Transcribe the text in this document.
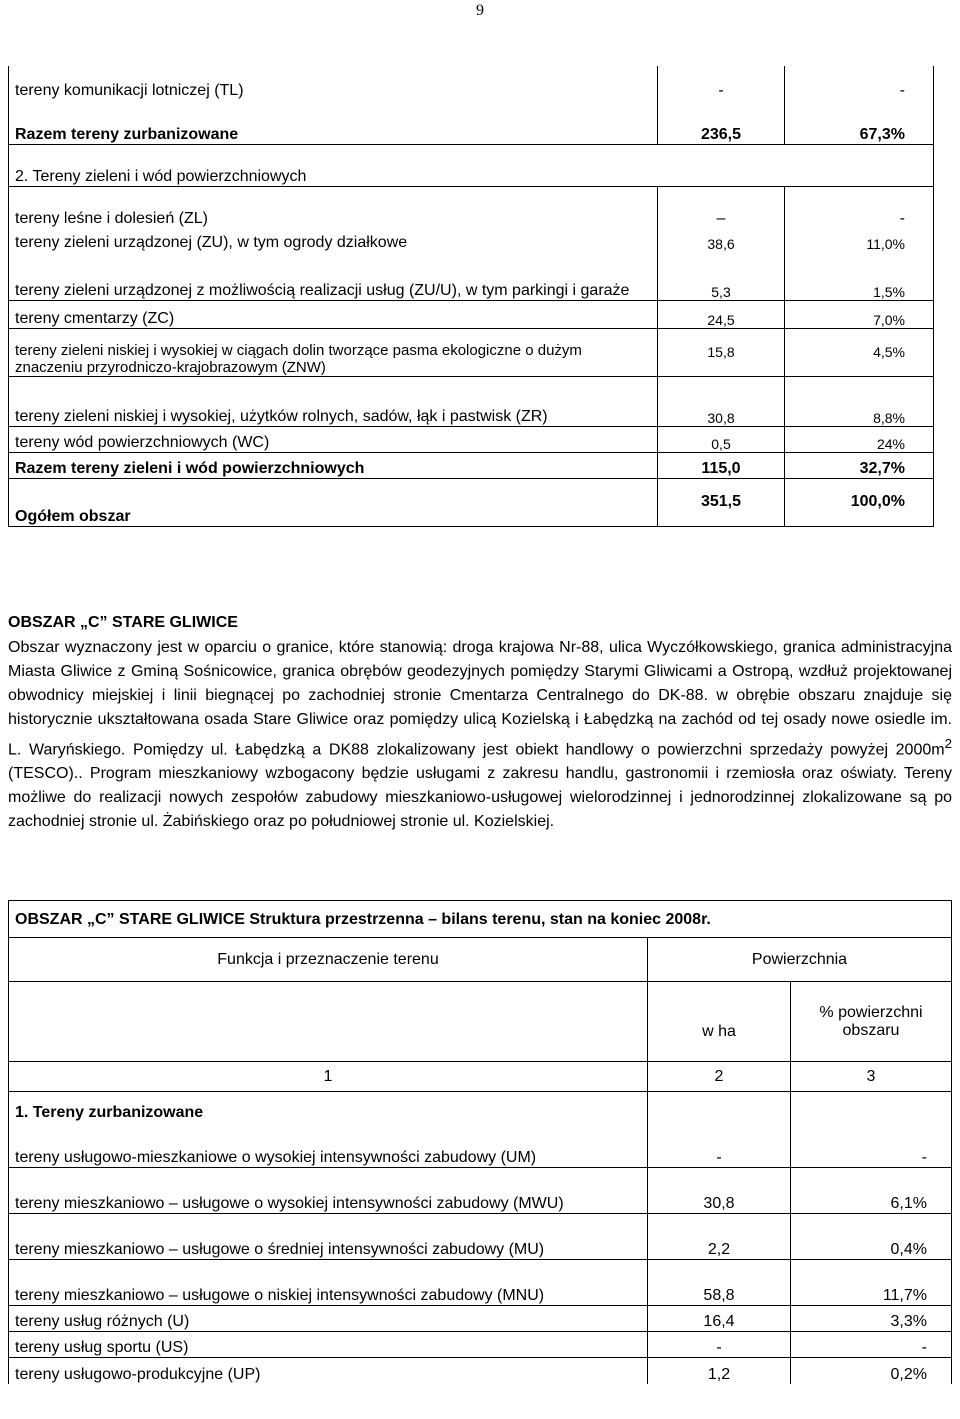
9
tereny komunikacji lotniczej (TL)	-	-
Razem tereny zurbanizowane	236,5	67,3%
2. Tereny zieleni i wód powierzchniowych		
tereny leśne i dolesień (ZL)	–	-
tereny zieleni urządzonej (ZU), w tym ogrody działkowe	38,6	11,0%
tereny zieleni urządzonej z możliwością realizacji usług (ZU/U), w tym parkingi i garaże	5,3	1,5%
tereny cmentarzy (ZC)	24,5	7,0%
tereny zieleni niskiej i wysokiej w ciągach dolin tworzące pasma ekologiczne o dużym znaczeniu przyrodniczo-krajobrazowym (ZNW)	15,8	4,5%
tereny zieleni niskiej i wysokiej, użytków rolnych, sadów, łąk i pastwisk (ZR)	30,8	8,8%
tereny wód powierzchniowych (WC)	0,5	24%
Razem tereny zieleni i wód powierzchniowych	115,0	32,7%
Ogółem obszar	351,5	100,0%
OBSZAR „C” STARE GLIWICE

Obszar wyznaczony jest w oparciu o granice, które stanowią: droga krajowa Nr-88, ulica Wyczółkowskiego, granica administracyjna Miasta Gliwice z Gminą Sośnicowice, granica obrębów geodezyjnych pomiędzy Starymi Gliwicami a Ostropą, wzdłuż projektowanej obwodnicy miejskiej i linii biegnącej po zachodniej stronie Cmentarza Centralnego do DK-88. w obrębie obszaru znajduje się historycznie ukształtowana osada Stare Gliwice oraz pomiędzy ulicą Kozielską i Łabędzką na zachód od tej osady nowe osiedle im. L. Waryńskiego. Pomiędzy ul. Łabędzką a DK88 zlokalizowany jest obiekt handlowy o powierzchni sprzedaży powyżej $2000m^2$ (TESCO).. Program mieszkaniowy wzbogacony będzie usługami z zakresu handlu, gastronomii i rzemiosła oraz oświaty. Tereny możliwe do realizacji nowych zespołów zabudowy mieszkaniowo-usługowej wielorodzinnej i jednorodzinnej zlokalizowane są po zachodniej stronie ul. Żabińskiego oraz po południowej stronie ul. Kozielskiej.

OBSZAR „C” STARE GLIWICE Struktura przestrzenna – bilans terenu, stan na koniec 2008r.		
Funkcja i przeznaczenie terenu	Powierzchnia	
	w ha	% powierzchni obszaru
1	2	3
1. Tereny zurbanizowane		
tereny usługowo-mieszkaniowe o wysokiej intensywności zabudowy (UM)	-	-
tereny mieszkaniowo – usługowe o wysokiej intensywności zabudowy (MWU)	30,8	6,1%
tereny mieszkaniowo – usługowe o średniej intensywności zabudowy (MU)	2,2	0,4%
tereny mieszkaniowo – usługowe o niskiej intensywności zabudowy (MNU)	58,8	11,7%
tereny usług różnych (U)	16,4	3,3%
tereny usług sportu (US)	-	-
tereny usługowo-produkcyjne (UP)	1,2	0,2%
